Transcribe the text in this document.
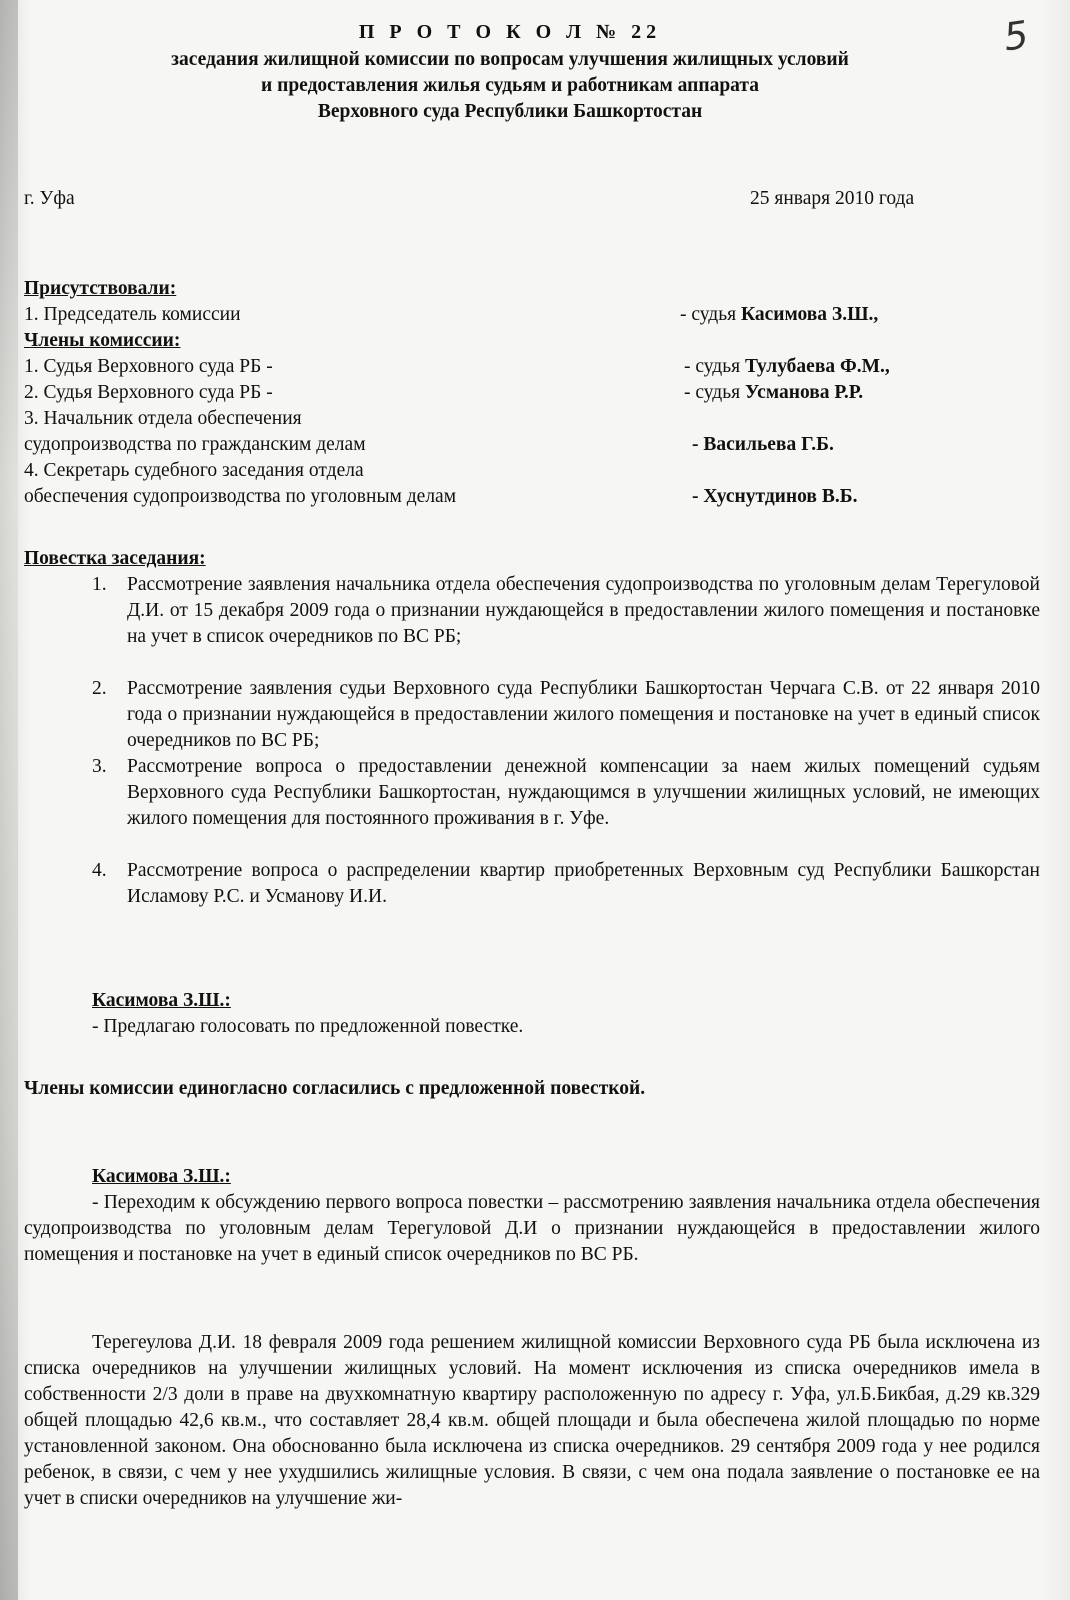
5
П Р О Т О К О Л № 22
заседания жилищной комиссии по вопросам улучшения жилищных условий
и предоставления жилья судьям и работникам аппарата
Верховного суда Республики Башкортостан
г. Уфа	25 января 2010 года
Присутствовали:
1. Председатель комиссии	- судья Касимова З.Ш.,
Члены комиссии:
1. Судья Верховного суда РБ -	- судья Тулубаева Ф.М.,
2. Судья Верховного суда РБ -	- судья Усманова Р.Р.
3. Начальник отдела обеспечения
судопроизводства по гражданским делам	- Васильева Г.Б.
4. Секретарь судебного заседания отдела
обеспечения судопроизводства по уголовным делам	- Хуснутдинов В.Б.
Повестка заседания:
1. Рассмотрение заявления начальника отдела обеспечения судопроизводства по уголовным делам Терегуловой Д.И. от 15 декабря 2009 года о признании нуждающейся в предоставлении жилого помещения и постановке на учет в список очередников по ВС РБ;
2. Рассмотрение заявления судьи Верховного суда Республики Башкортостан Черчага С.В. от 22 января 2010 года о признании нуждающейся в предоставлении жилого помещения и постановке на учет в единый список очередников по ВС РБ;
3. Рассмотрение вопроса о предоставлении денежной компенсации за наем жилых помещений судьям Верховного суда Республики Башкортостан, нуждающимся в улучшении жилищных условий, не имеющих жилого помещения для постоянного проживания в г. Уфе.
4. Рассмотрение вопроса о распределении квартир приобретенных Верховным суд Республики Башкорстан Исламову Р.С. и Усманову И.И.
Касимова З.Ш.:
- Предлагаю голосовать по предложенной повестке.
Члены комиссии единогласно согласились с предложенной повесткой.
Касимова З.Ш.:
- Переходим к обсуждению первого вопроса повестки – рассмотрению заявления начальника отдела обеспечения судопроизводства по уголовным делам Терегуловой Д.И о признании нуждающейся в предоставлении жилого помещения и постановке на учет в единый список очередников по ВС РБ.
Терегеулова Д.И. 18 февраля 2009 года решением жилищной комиссии Верховного суда РБ была исключена из списка очередников на улучшении жилищных условий. На момент исключения из списка очередников имела в собственности 2/3 доли в праве на двухкомнатную квартиру расположенную по адресу г. Уфа, ул.Б.Бикбая, д.29 кв.329 общей площадью 42,6 кв.м., что составляет 28,4 кв.м. общей площади и была обеспечена жилой площадью по норме установленной законом. Она обоснованно была исключена из списка очередников. 29 сентября 2009 года у нее родился ребенок, в связи, с чем у нее ухудшились жилищные условия. В связи, с чем она подала заявление о постановке ее на учет в списки очередников на улучшение жи-
